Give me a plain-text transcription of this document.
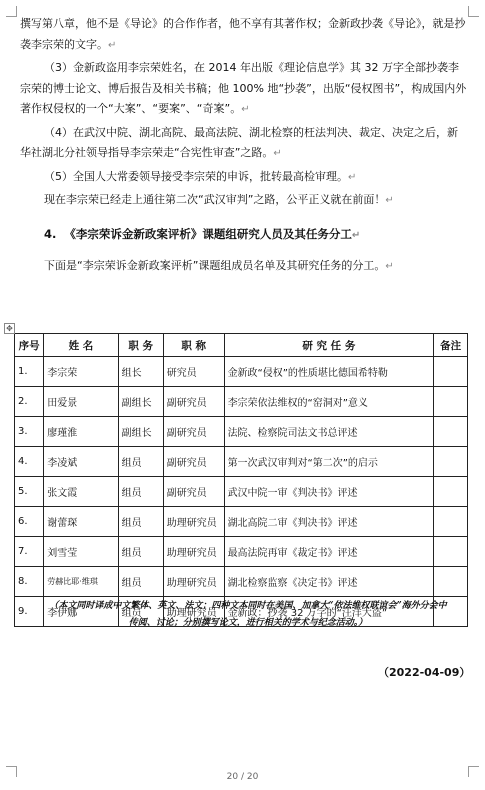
撰写第八章，他不是《导论》的合作作者，他不享有其著作权；金新政抄袭《导论》，就是抄袭李宗荣的文字。↵

（3）金新政盗用李宗荣姓名，在 2014 年出版《理论信息学》其 32 万字全部抄袭李宗荣的博士论文、博后报告及相关书稿；他 100% 地“抄袭”，出版“侵权图书”，构成国内外著作权侵权的一个“大案”、“要案”、“奇案”。↵

（4）在武汉中院、湖北高院、最高法院、湖北检察的枉法判决、裁定、决定之后，新华社湖北分社领导指导李宗荣走“合宪性审查”之路。↵

（5）全国人大常委领导接受李宗荣的申诉，批转最高检审理。↵

现在李宗荣已经走上通往第二次“武汉审判”之路，公平正义就在前面！↵

4. 《李宗荣诉金新政案评析》课题组研究人员及其任务分工↵

下面是“李宗荣诉金新政案评析”课题组成员名单及其研究任务的分工。↵

✥
序号	姓 名	职 务	职 称	研 究 任 务	备注
1.	李宗荣	组长	研究员	金新政“侵权”的性质堪比德国希特勒	
2.	田爱景	副组长	副研究员	李宗荣依法维权的“窑洞对”意义	
3.	廖瑾淮	副组长	副研究员	法院、检察院司法文书总评述	
4.	李凌斌	组员	副研究员	第一次武汉审判对“第二次”的启示	
5.	张文霞	组员	副研究员	武汉中院一审《判决书》评述	
6.	谢蕾琛	组员	助理研究员	湖北高院二审《判决书》评述	
7.	刘雪莹	组员	助理研究员	最高法院再审《裁定书》评述	
8.	劳赫比耶·维琪	组员	助理研究员	湖北检察监察《决定书》评述	
9.	李伊娜	组员	助理研究员	金新政：抄袭 32 万字的“汪洋大盗”	
（本文同时译成中文繁体、英文、法文；四种文本同时在美国、加拿大“依法维权联谊会”海外分会中传阅、讨论；分别撰写论文，进行相关的学术与纪念活动。）
（2022-04-09）
20 / 20
